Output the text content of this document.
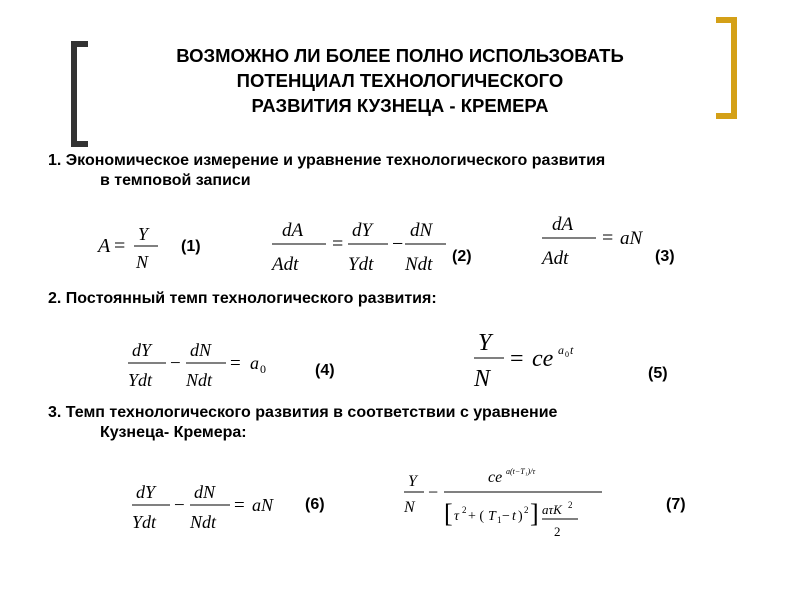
ВОЗМОЖНО ЛИ БОЛЕЕ ПОЛНО ИСПОЛЬЗОВАТЬ
ПОТЕНЦИАЛ ТЕХНОЛОГИЧЕСКОГО
РАЗВИТИЯ КУЗНЕЦА - КРЕМЕРА
1. Экономическое измерение и уравнение технологического развития
в темповой записи
A =
Y
N
(1)
dA
Adt
=
dY
Ydt
−
dN
Ndt (2)
dA
Adt
= aN
(3)
2. Постоянный темп технологического развития:
dY
Ydt
−
dN
Ndt
= a 0	(4)
Y
N
= ce a 0 t
(5)
3. Темп технологического развития в соответствии с уравнение
Кузнеца- Кремера:
dY
Ydt
−
dN
Ndt
= aN (6)
Y
N
−
ce a(t−T₁)/τ
[ τ 2 + ( T 1 − t ) 2 ] aτK 2
2
(7)
